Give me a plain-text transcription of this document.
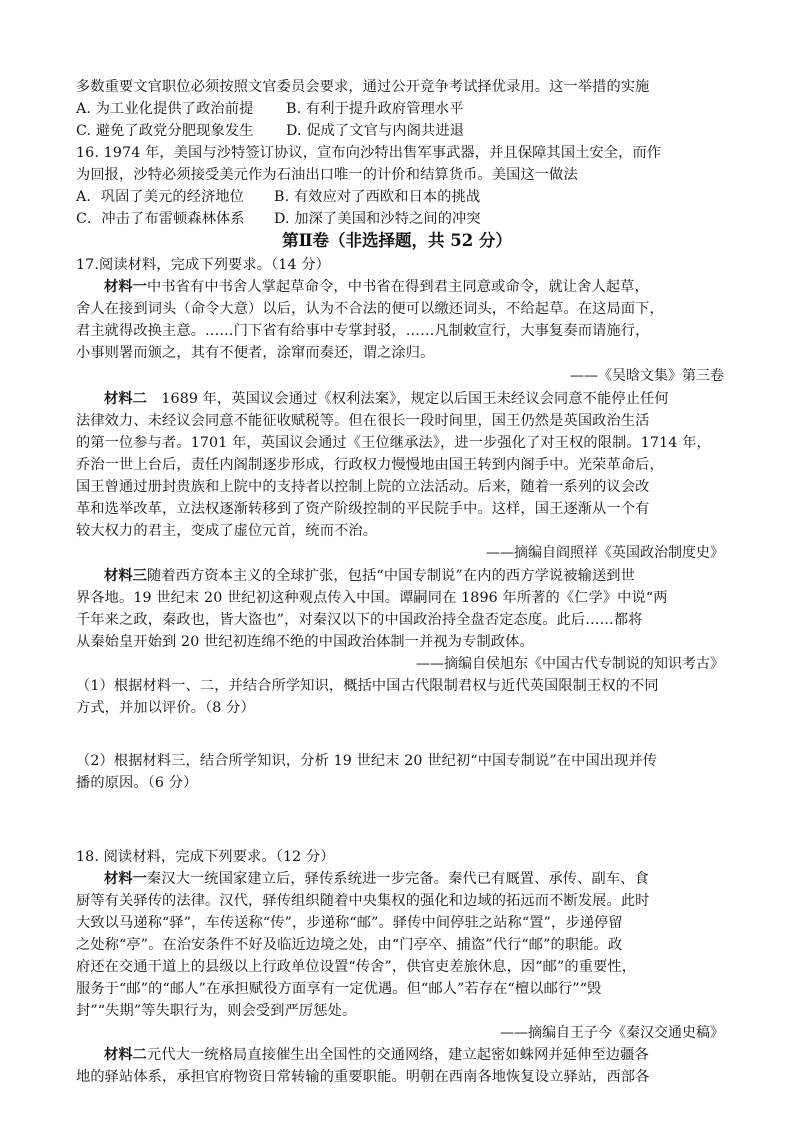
多数重要文官职位必须按照文官委员会要求，通过公开竞争考试择优录用。这一举措的实施
A. 为工业化提供了政治前提 B. 有利于提升政府管理水平
C. 避免了政党分肥现象发生 D. 促成了文官与内阁共进退
16. 1974 年，美国与沙特签订协议，宣布向沙特出售军事武器，并且保障其国土安全，而作
为回报，沙特必须接受美元作为石油出口唯一的计价和结算货币。美国这一做法
A．巩固了美元的经济地位 B. 有效应对了西欧和日本的挑战
C．冲击了布雷顿森林体系 D. 加深了美国和沙特之间的冲突
第Ⅱ卷（非选择题，共 52 分）
17.阅读材料，完成下列要求。（14 分）
材料一中书省有中书舍人掌起草命令，中书省在得到君主同意或命令，就让舍人起草，
舍人在接到词头（命令大意）以后，认为不合法的便可以缴还词头，不给起草。在这局面下，
君主就得改换主意。……门下省有给事中专掌封驳，……凡制敕宣行，大事复奏而请施行，
小事则署而颁之，其有不便者，涂窜而奏还，谓之涂归。
——《吴晗文集》第三卷
材料二　1689 年，英国议会通过《权利法案》，规定以后国王未经议会同意不能停止任何
法律效力、未经议会同意不能征收赋税等。但在很长一段时间里，国王仍然是英国政治生活
的第一位参与者。1701 年，英国议会通过《王位继承法》，进一步强化了对王权的限制。1714 年，
乔治一世上台后，责任内阁制逐步形成，行政权力慢慢地由国王转到内阁手中。光荣革命后，
国王曾通过册封贵族和上院中的支持者以控制上院的立法活动。后来，随着一系列的议会改
革和选举改革，立法权逐渐转移到了资产阶级控制的平民院手中。这样，国王逐渐从一个有
较大权力的君主，变成了虚位元首，统而不治。
——摘编自阎照祥《英国政治制度史》
材料三随着西方资本主义的全球扩张，包括“中国专制说”在内的西方学说被输送到世
界各地。19 世纪末 20 世纪初这种观点传入中国。谭嗣同在 1896 年所著的《仁学》中说“两
千年来之政，秦政也，皆大盗也”，对秦汉以下的中国政治持全盘否定态度。此后……都将
从秦始皇开始到 20 世纪初连绵不绝的中国政治体制一并视为专制政体。
——摘编自侯旭东《中国古代专制说的知识考古》
（1）根据材料一、二，并结合所学知识，概括中国古代限制君权与近代英国限制王权的不同
方式，并加以评价。（8 分）
（2）根据材料三，结合所学知识，分析 19 世纪末 20 世纪初“中国专制说”在中国出现并传
播的原因。（6 分）
18. 阅读材料，完成下列要求。（12 分）
材料一秦汉大一统国家建立后，驿传系统进一步完备。秦代已有厩置、承传、副车、食
厨等有关驿传的法律。汉代，驿传组织随着中央集权的强化和边域的拓远而不断发展。此时
大致以马递称“驿”，车传送称“传”，步递称“邮”。驿传中间停驻之站称“置”，步递停留
之处称“亭”。在治安条件不好及临近边境之处，由“门亭卒、捕盗”代行“邮”的职能。政
府还在交通干道上的县级以上行政单位设置“传舍”，供官吏差旅休息，因“邮”的重要性，
服务于“邮”的“邮人”在承担赋役方面享有一定优遇。但“邮人”若存在“檀以邮行”“毁
封”“失期”等失职行为，则会受到严厉惩处。
——摘编自王子今《秦汉交通史稿》
材料二元代大一统格局直接催生出全国性的交通网络，建立起密如蛛网并延伸至边疆各
地的驿站体系，承担官府物资日常转输的重要职能。明朝在西南各地恢复设立驿站，西部各
